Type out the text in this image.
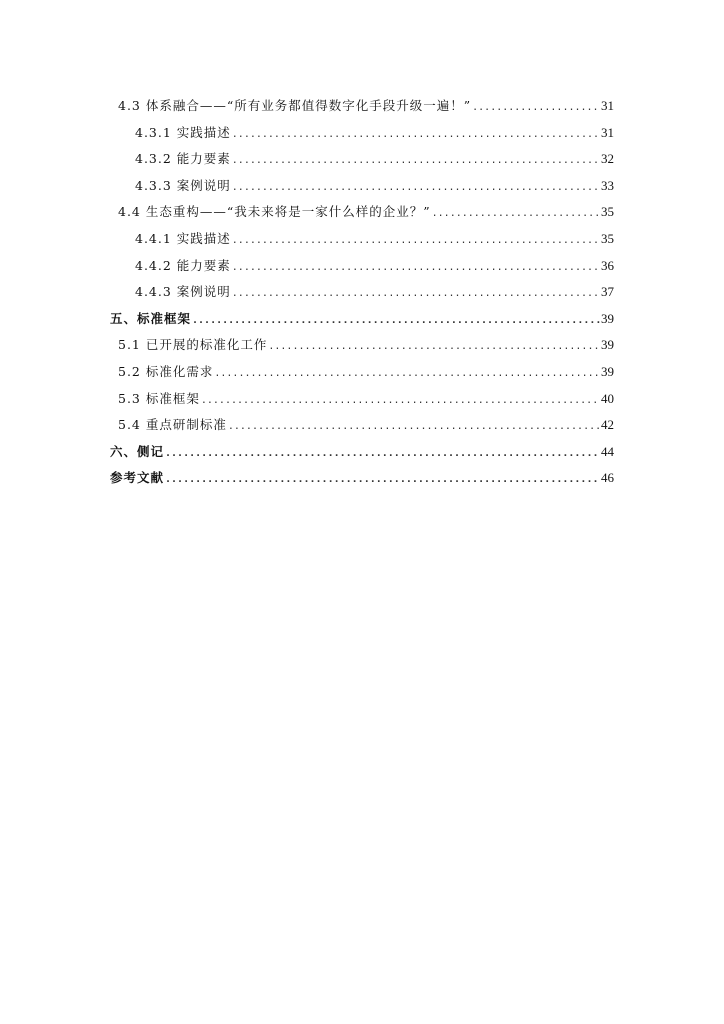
4.3 体系融合——“所有业务都值得数字化手段升级一遍！” .....	31
4.3.1 实践描述 .....	31
4.3.2 能力要素 .....	32
4.3.3 案例说明 .....	33
4.4 生态重构——“我未来将是一家什么样的企业？” .....	35
4.4.1 实践描述 .....	35
4.4.2 能力要素 .....	36
4.4.3 案例说明 .....	37
五、标准框架 .....	39
5.1 已开展的标准化工作 .....	39
5.2 标准化需求 .....	39
5.3 标准框架 .....	40
5.4 重点研制标准 .....	42
六、侧记 .....	44
参考文献 .....	46
